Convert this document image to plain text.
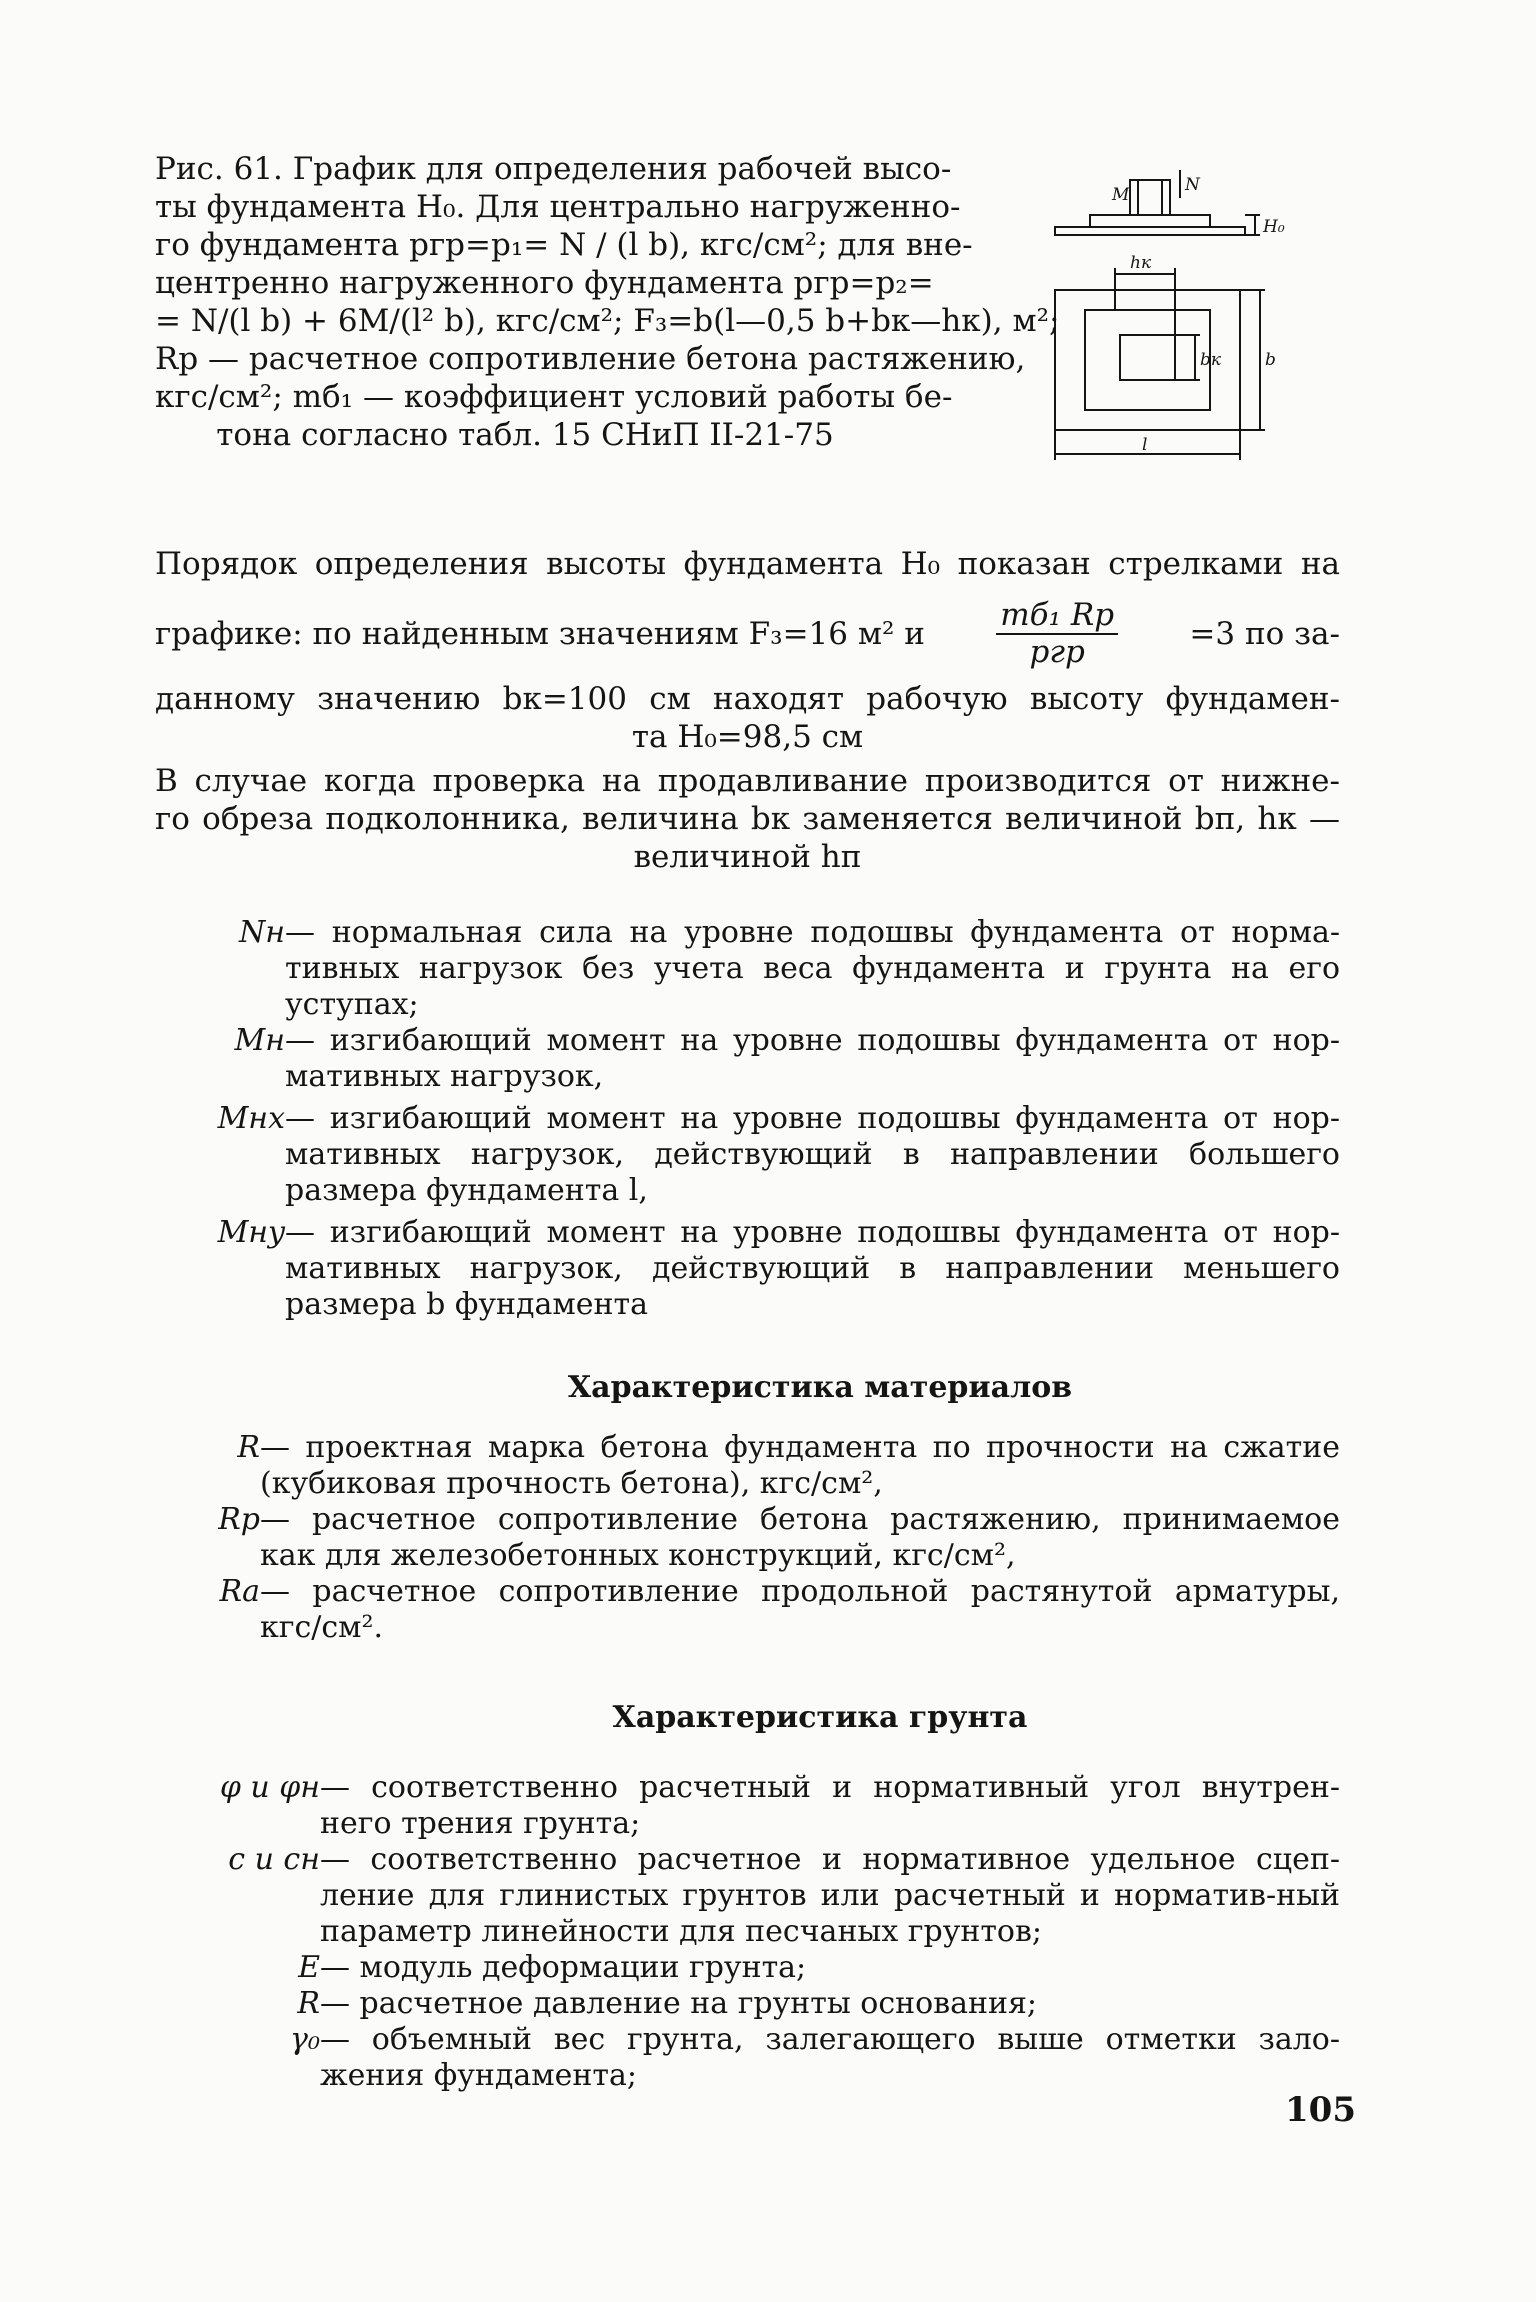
Рис. 61. График для определения рабочей высо-
ты фундамента H₀. Для центрально нагруженно-
го фундамента pгр=p₁= N / (l b), кгс/см²; для вне-
центренно нагруженного фундамента pгр=p₂=
= N/(l b) + 6M/(l² b), кгс/см²; F₃=b(l—0,5 b+bк—hк), м²;
Rр — расчетное сопротивление бетона растяжению,
кгс/см²; mб₁ — коэффициент условий работы бе-
тона согласно табл. 15 СНиП II-21-75
N
M
H₀
hк
bк	b
l
Порядок определения высоты фундамента H₀ показан стрелками на
графике: по найденным значениям F₃=16 м² и $\frac{\text{mб₁ Rр}}{\text{pгр}} =3$ по за-
данному значению bк=100 см находят рабочую высоту фундамен-
та H₀=98,5 см
В случае когда проверка на продавливание производится от нижне-
го обреза подколонника, величина bк заменяется величиной bп, hк —
величиной hп
Nн — нормальная сила на уровне подошвы фундамента от норма-тивных нагрузок без учета веса фундамента и грунта на его уступах;
Mн — изгибающий момент на уровне подошвы фундамента от нор-мативных нагрузок,
Mнx — изгибающий момент на уровне подошвы фундамента от нор-мативных нагрузок, действующий в направлении большего размера фундамента l,
Mнy — изгибающий момент на уровне подошвы фундамента от нор-мативных нагрузок, действующий в направлении меньшего размера b фундамента
Характеристика материалов
R — проектная марка бетона фундамента по прочности на сжатие (кубиковая прочность бетона), кгс/см²,
Rр — расчетное сопротивление бетона растяжению, принимаемое как для железобетонных конструкций, кгс/см²,
Rа — расчетное сопротивление продольной растянутой арматуры, кгс/см².
Характеристика грунта
φ и φн — соответственно расчетный и нормативный угол внутрен-него трения грунта;
c и cн — соответственно расчетное и нормативное удельное сцеп-ление для глинистых грунтов или расчетный и норматив-ный параметр линейности для песчаных грунтов;
E — модуль деформации грунта;
R — расчетное давление на грунты основания;
γ₀ — объемный вес грунта, залегающего выше отметки зало-жения фундамента;
105
